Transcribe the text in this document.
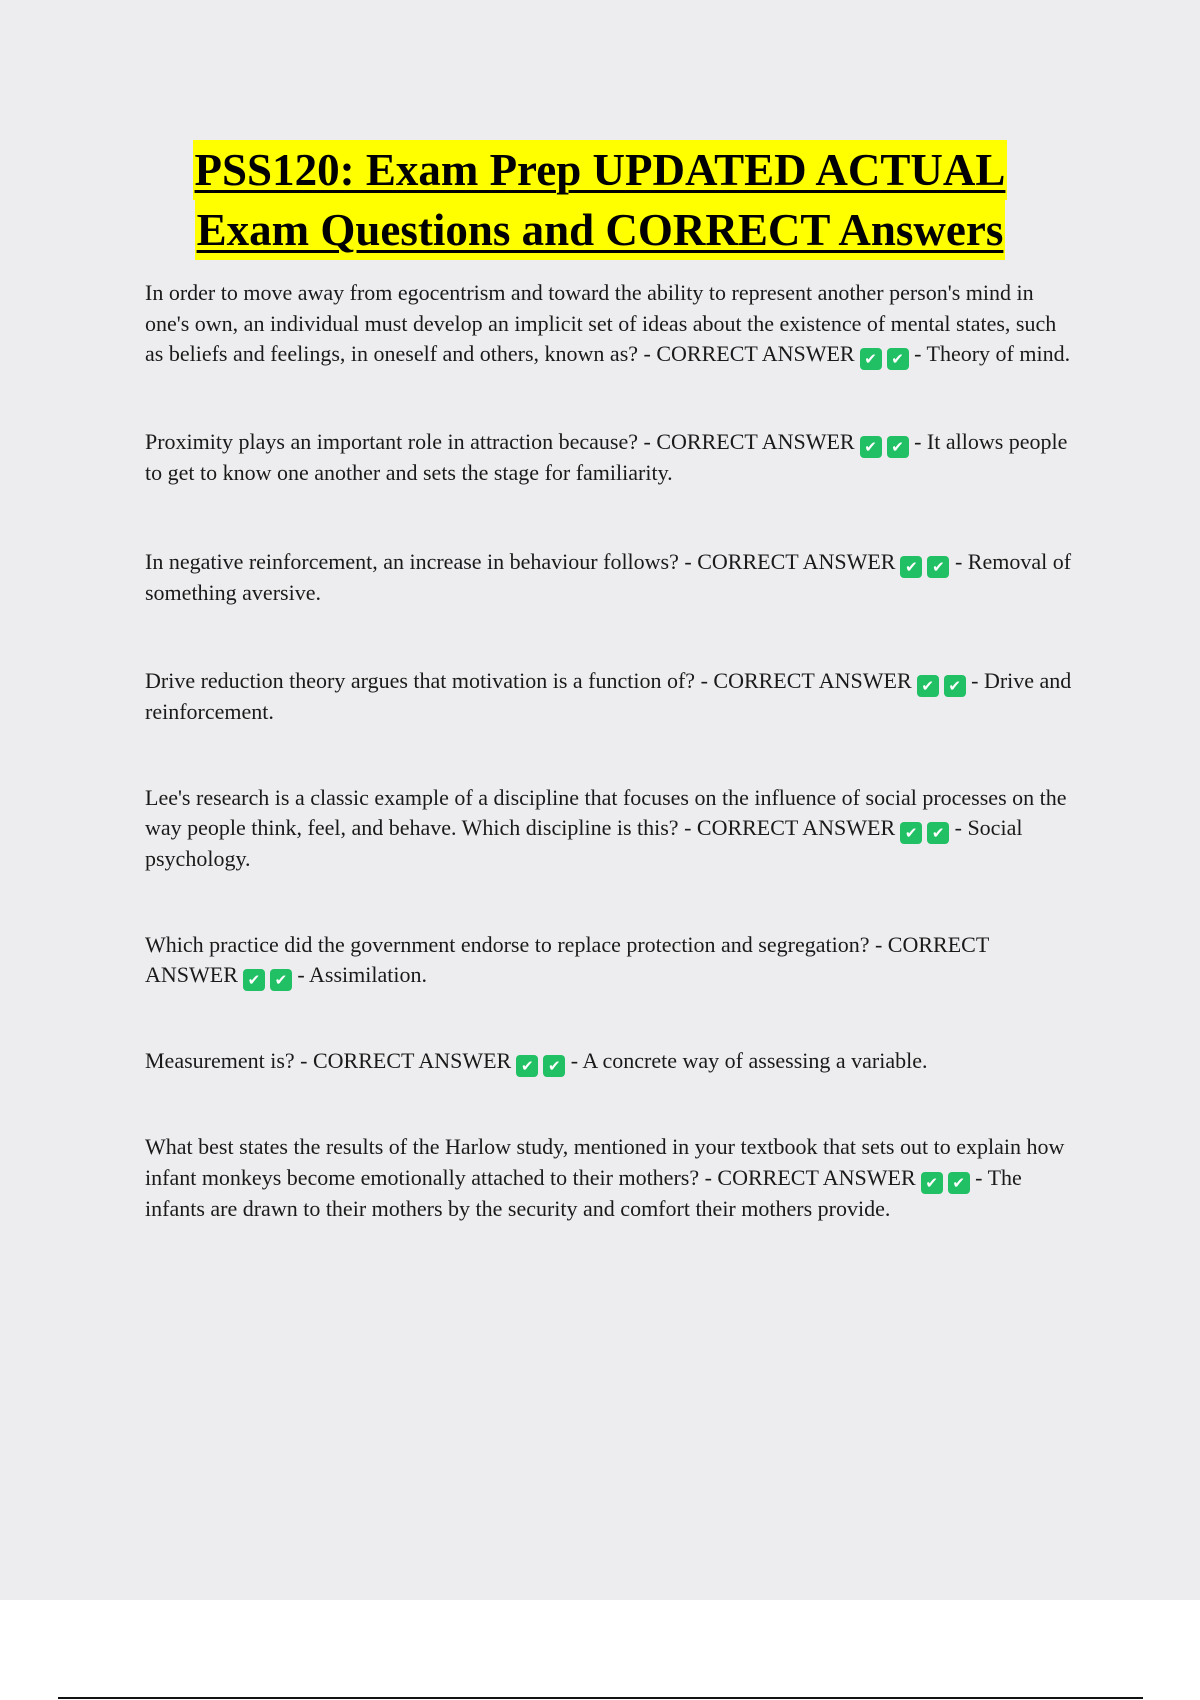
PSS120: Exam Prep UPDATED ACTUAL
Exam Questions and CORRECT Answers

In order to move away from egocentrism and toward the ability to represent another person's mind in one's own, an individual must develop an implicit set of ideas about the existence of mental states, such as beliefs and feelings, in oneself and others, known as? - CORRECT ANSWER ✔ ✔ - Theory of mind.

Proximity plays an important role in attraction because? - CORRECT ANSWER ✔ ✔ - It allows people to get to know one another and sets the stage for familiarity.

In negative reinforcement, an increase in behaviour follows? - CORRECT ANSWER ✔ ✔ - Removal of something aversive.

Drive reduction theory argues that motivation is a function of? - CORRECT ANSWER ✔ ✔ - Drive and reinforcement.

Lee's research is a classic example of a discipline that focuses on the influence of social processes on the way people think, feel, and behave. Which discipline is this? - CORRECT ANSWER ✔ ✔ - Social psychology.

Which practice did the government endorse to replace protection and segregation? - CORRECT ANSWER ✔ ✔ - Assimilation.

Measurement is? - CORRECT ANSWER ✔ ✔ - A concrete way of assessing a variable.

What best states the results of the Harlow study, mentioned in your textbook that sets out to explain how infant monkeys become emotionally attached to their mothers? - CORRECT ANSWER ✔ ✔ - The infants are drawn to their mothers by the security and comfort their mothers provide.
